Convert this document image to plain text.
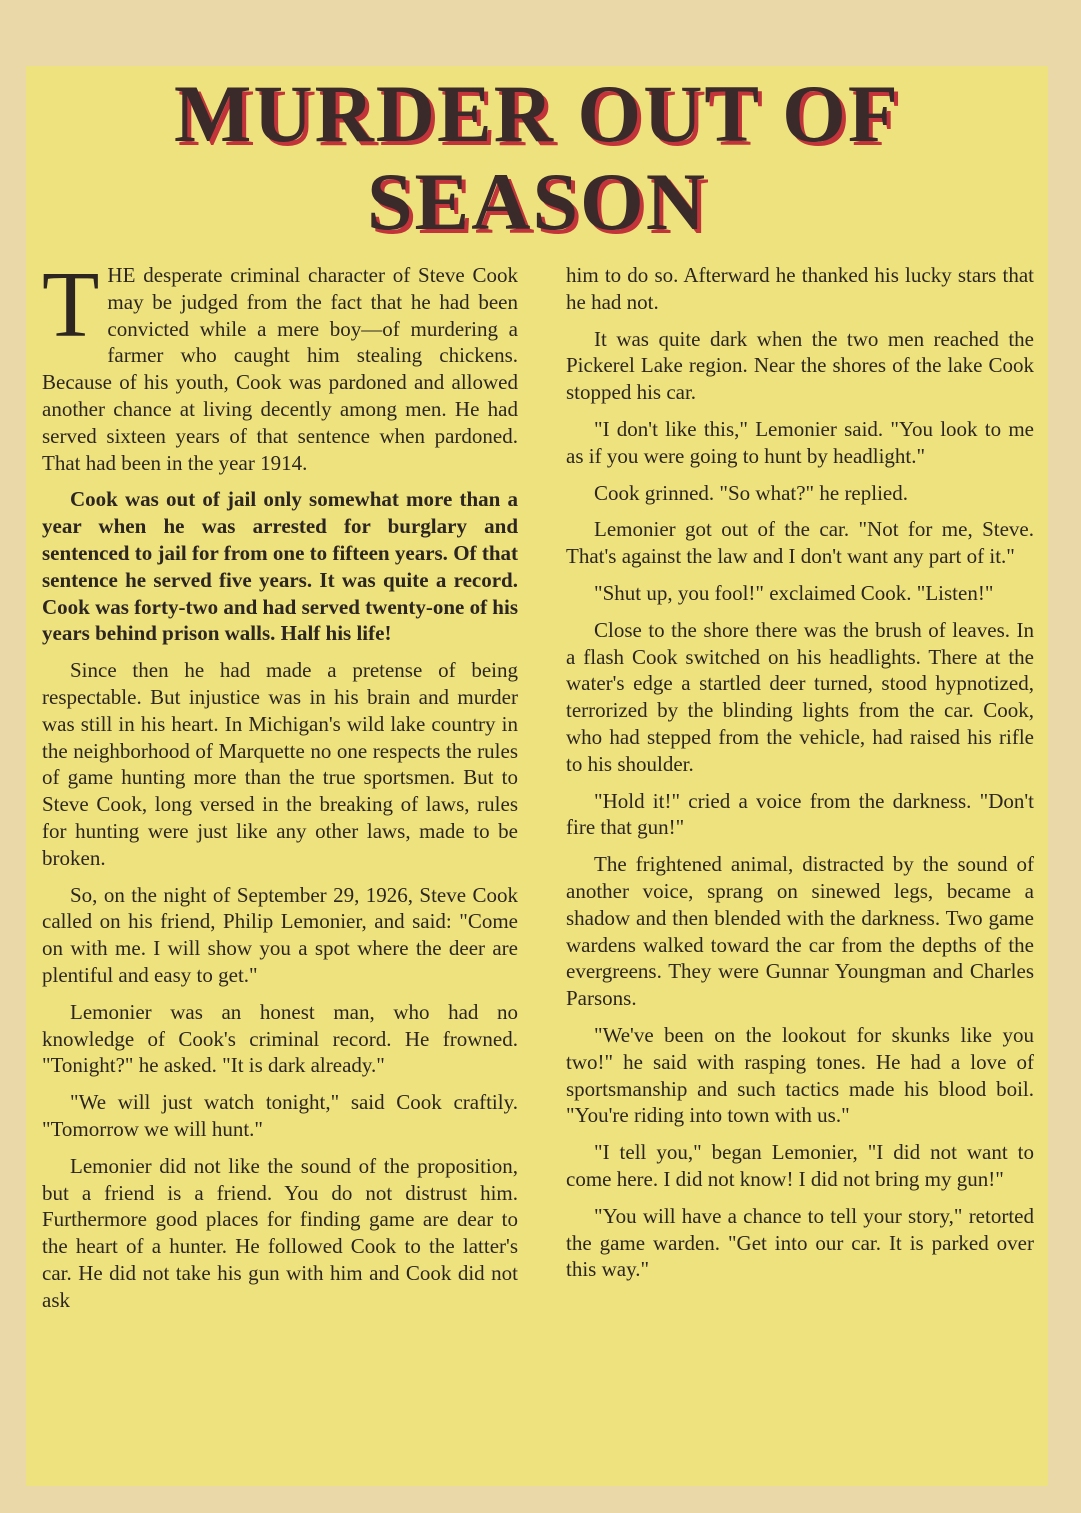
MURDER OUT OF
SEASON

THE desperate criminal character of Steve Cook may be judged from the fact that he had been convicted while a mere boy—of murdering a farmer who caught him stealing chickens. Because of his youth, Cook was pardoned and allowed another chance at living decently among men. He had served sixteen years of that sentence when pardoned. That had been in the year 1914.

Cook was out of jail only somewhat more than a year when he was arrested for burglary and sentenced to jail for from one to fifteen years. Of that sentence he served five years. It was quite a record. Cook was forty-two and had served twenty-one of his years behind prison walls. Half his life!

Since then he had made a pretense of being respectable. But injustice was in his brain and murder was still in his heart. In Michigan's wild lake country in the neighborhood of Marquette no one respects the rules of game hunting more than the true sportsmen. But to Steve Cook, long versed in the breaking of laws, rules for hunting were just like any other laws, made to be broken.

So, on the night of September 29, 1926, Steve Cook called on his friend, Philip Lemonier, and said: "Come on with me. I will show you a spot where the deer are plentiful and easy to get."

Lemonier was an honest man, who had no knowledge of Cook's criminal record. He frowned. "Tonight?" he asked. "It is dark already."

"We will just watch tonight," said Cook craftily. "Tomorrow we will hunt."

Lemonier did not like the sound of the proposition, but a friend is a friend. You do not distrust him. Furthermore good places for finding game are dear to the heart of a hunter. He followed Cook to the latter's car. He did not take his gun with him and Cook did not ask

him to do so. Afterward he thanked his lucky stars that he had not.

It was quite dark when the two men reached the Pickerel Lake region. Near the shores of the lake Cook stopped his car.

"I don't like this," Lemonier said. "You look to me as if you were going to hunt by headlight."

Cook grinned. "So what?" he replied.

Lemonier got out of the car. "Not for me, Steve. That's against the law and I don't want any part of it."

"Shut up, you fool!" exclaimed Cook. "Listen!"

Close to the shore there was the brush of leaves. In a flash Cook switched on his headlights. There at the water's edge a startled deer turned, stood hypnotized, terrorized by the blinding lights from the car. Cook, who had stepped from the vehicle, had raised his rifle to his shoulder.

"Hold it!" cried a voice from the darkness. "Don't fire that gun!"

The frightened animal, distracted by the sound of another voice, sprang on sinewed legs, became a shadow and then blended with the darkness. Two game wardens walked toward the car from the depths of the evergreens. They were Gunnar Youngman and Charles Parsons.

"We've been on the lookout for skunks like you two!" he said with rasping tones. He had a love of sportsmanship and such tactics made his blood boil. "You're riding into town with us."

"I tell you," began Lemonier, "I did not want to come here. I did not know! I did not bring my gun!"

"You will have a chance to tell your story," retorted the game warden. "Get into our car. It is parked over this way."
